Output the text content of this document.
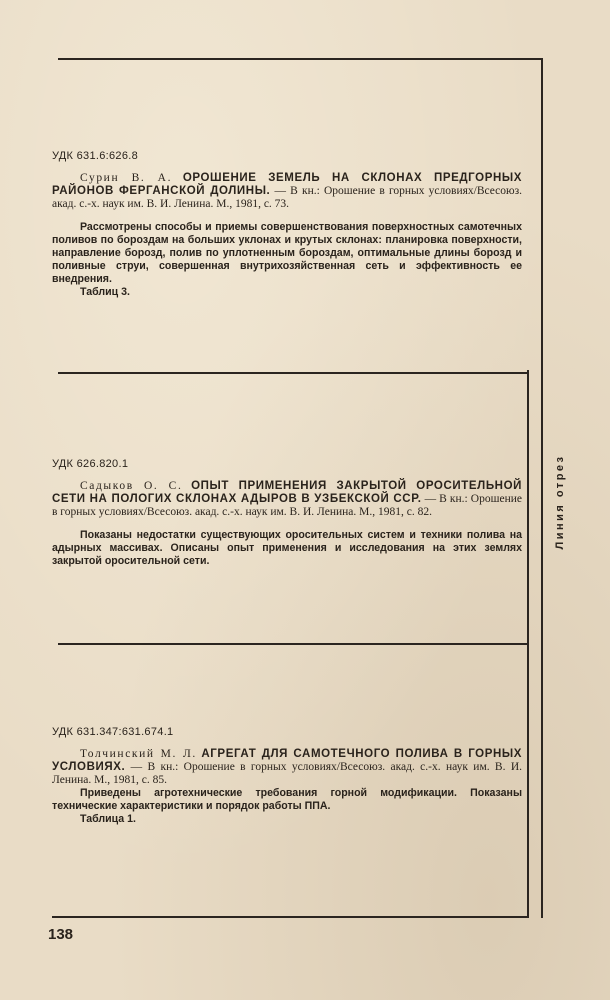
Линия отрез
УДК 631.6:626.8

Сурин В. А. ОРОШЕНИЕ ЗЕМЕЛЬ НА СКЛОНАХ ПРЕДГОРНЫХ РАЙОНОВ ФЕРГАНСКОЙ ДОЛИНЫ. — В кн.: Орошение в горных условиях/Всесоюз. акад. с.-х. наук им. В. И. Ленина. М., 1981, с. 73.

Рассмотрены способы и приемы совершенствования поверхностных самотечных поливов по бороздам на больших уклонах и крутых склонах: планировка поверхности, направление борозд, полив по уплотненным бороздам, оптимальные длины борозд и поливные струи, совершенная внутрихозяйственная сеть и эффективность ее внедрения.

Таблиц 3.

УДК 626.820.1

Садыков О. С. ОПЫТ ПРИМЕНЕНИЯ ЗАКРЫТОЙ ОРОСИТЕЛЬНОЙ СЕТИ НА ПОЛОГИХ СКЛОНАХ АДЫРОВ В УЗБЕКСКОЙ ССР. — В кн.: Орошение в горных условиях/Всесоюз. акад. с.-х. наук им. В. И. Ленина. М., 1981, с. 82.

Показаны недостатки существующих оросительных систем и техники полива на адырных массивах. Описаны опыт применения и исследования на этих землях закрытой оросительной сети.

УДК 631.347:631.674.1

Толчинский М. Л. АГРЕГАТ ДЛЯ САМОТЕЧНОГО ПОЛИВА В ГОРНЫХ УСЛОВИЯХ. — В кн.: Орошение в горных условиях/Всесоюз. акад. с.-х. наук им. В. И. Ленина. М., 1981, с. 85.

Приведены агротехнические требования горной модификации. Показаны технические характеристики и порядок работы ППА.

Таблица 1.

138
